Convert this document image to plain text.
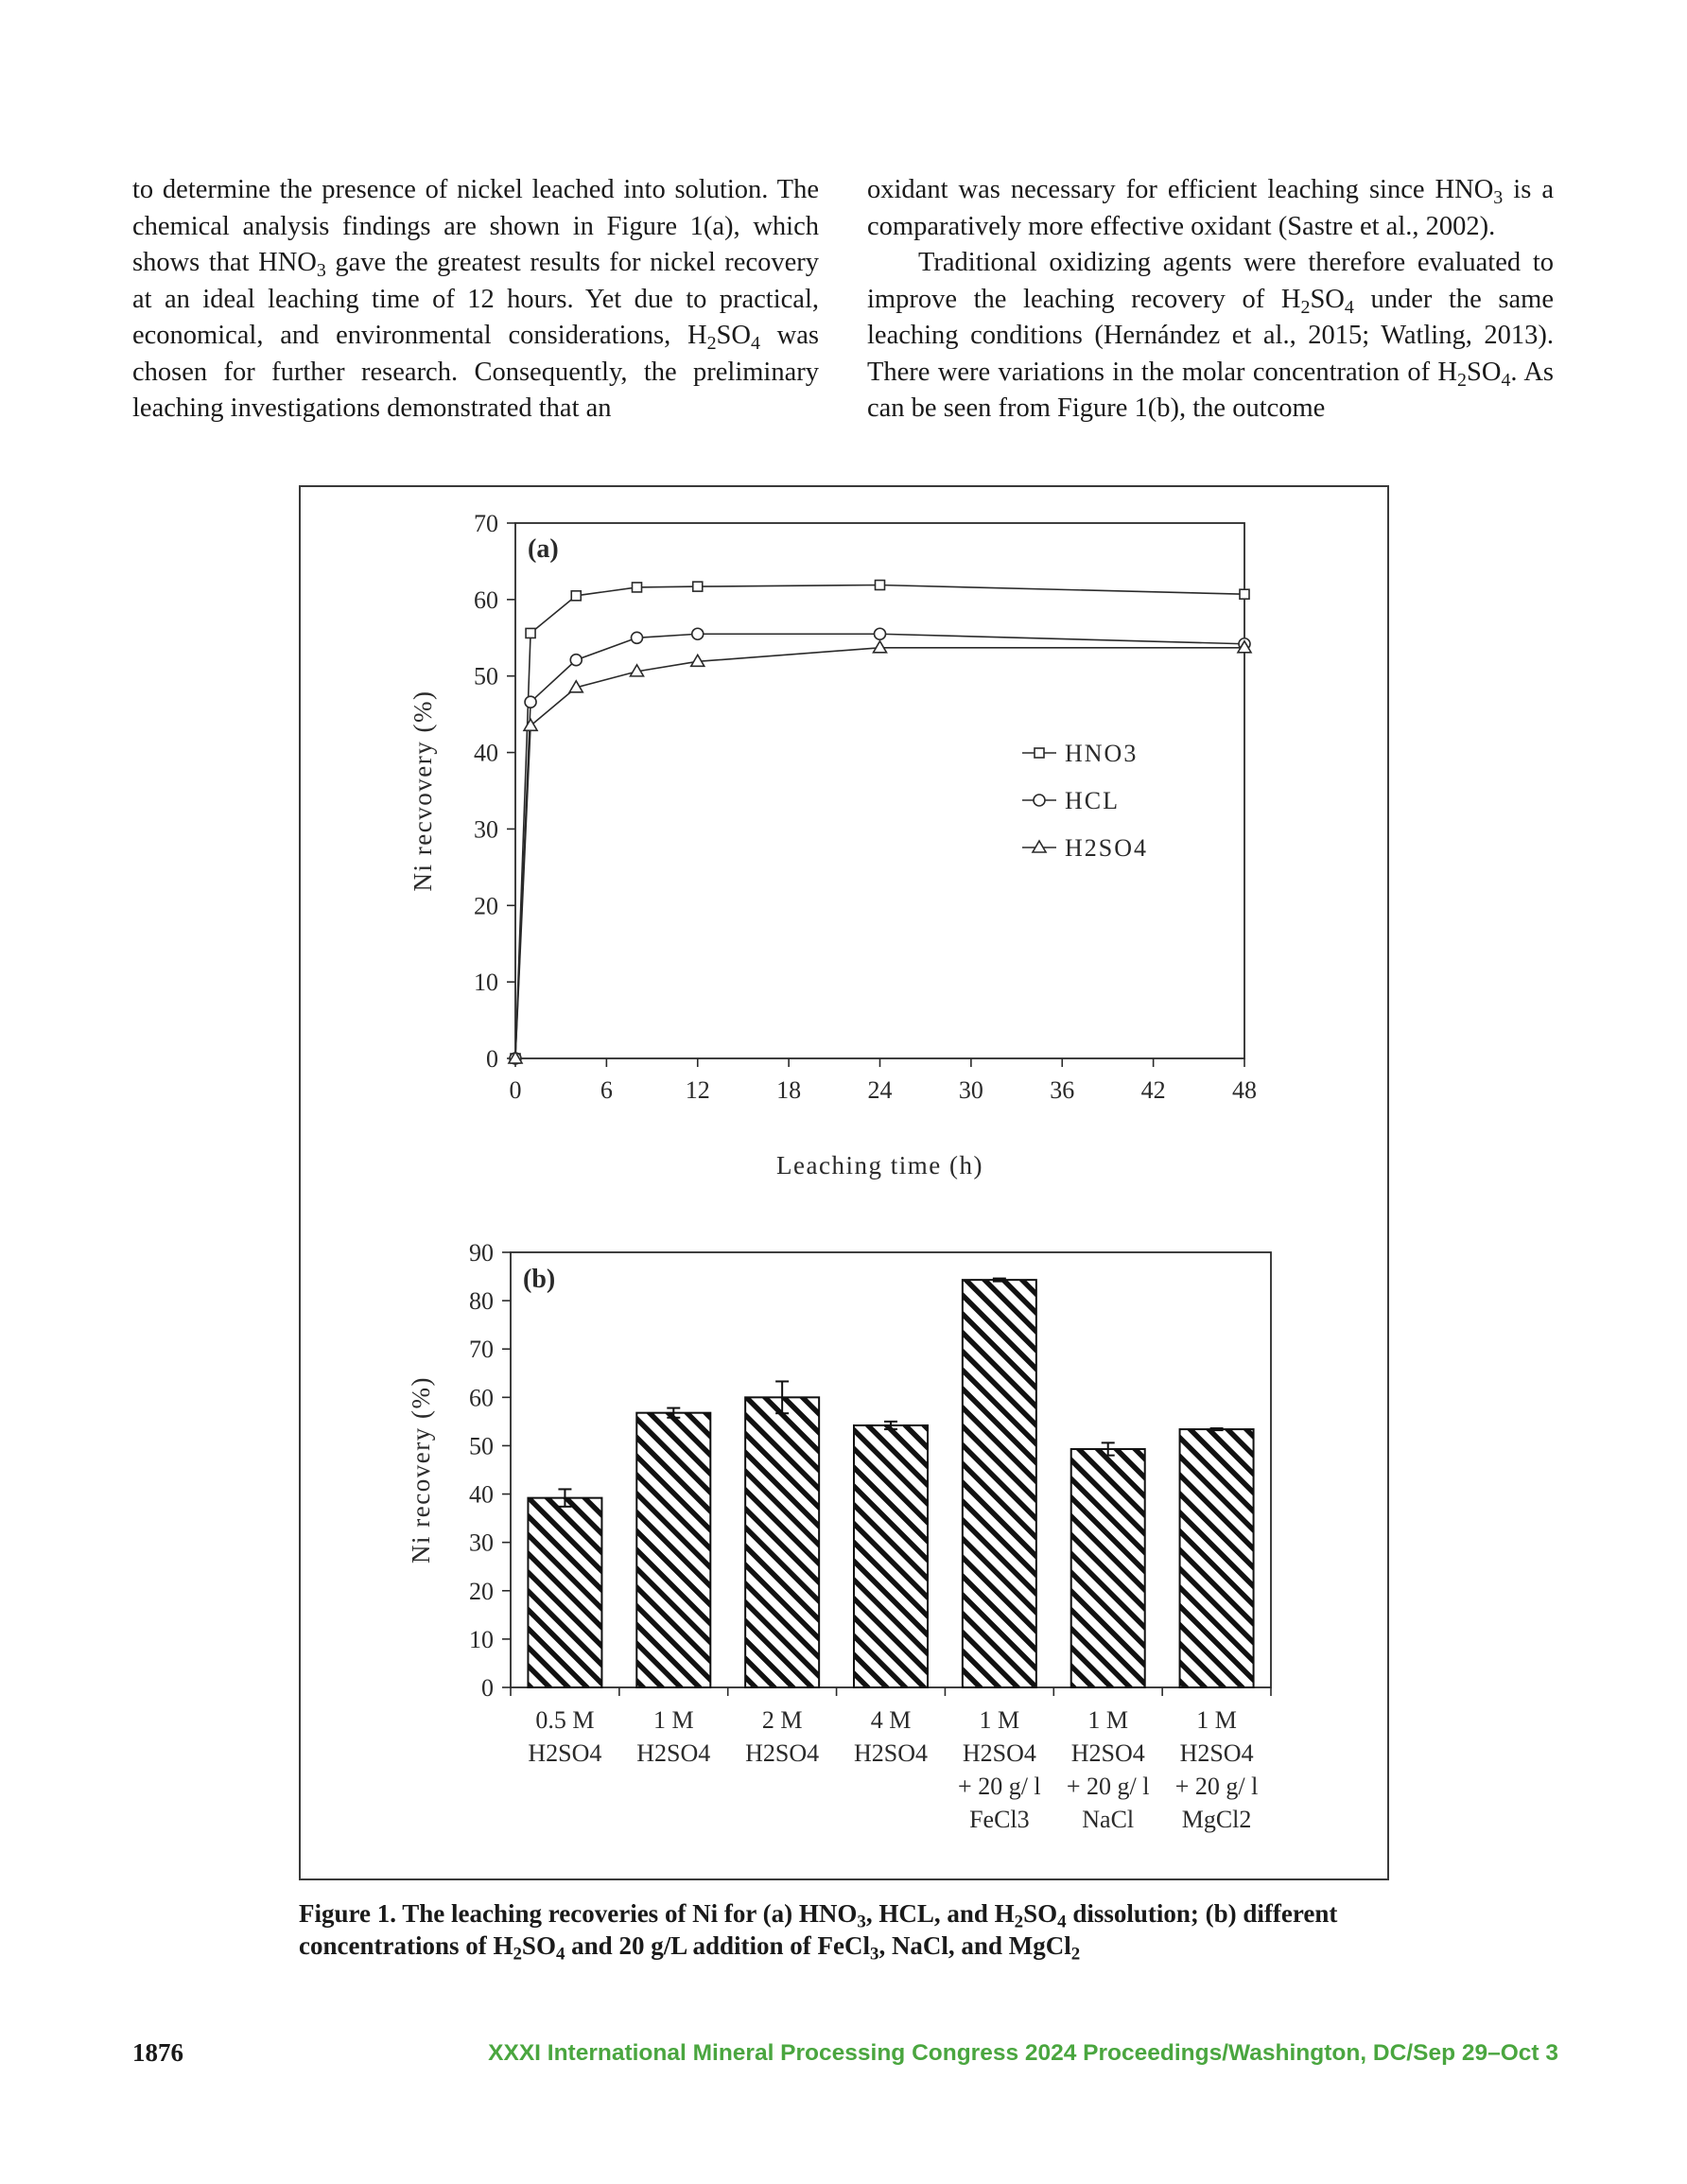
to determine the presence of nickel leached into solution. The chemical analysis findings are shown in Figure 1(a), which shows that $HNO_3$ gave the greatest results for nickel recovery at an ideal leaching time of 12 hours. Yet due to practical, economical, and environmental considerations, $H_2SO_4$ was chosen for further research. Consequently, the preliminary leaching investigations demonstrated that an

oxidant was necessary for efficient leaching since $HNO_3$ is a comparatively more effective oxidant (Sastre et al., 2002).

Traditional oxidizing agents were therefore evaluated to improve the leaching recovery of $H_2SO_4$ under the same leaching conditions (Hernández et al., 2015; Watling, 2013). There were variations in the molar concentration of $H_2SO_4$. As can be seen from Figure 1(b), the outcome

0
10
20
30
40
50
60
70
0	6	12	18	24	30	36	42	48
Leaching time (h)
Ni recvovery (%)
(a)
HNO3
HCL
H2SO4
0
10
20
30
40
50
60
70
80
90
Ni recovery (%)
(b)
0.5 M
H2SO4
1 M
H2SO4
2 M
H2SO4
4 M
H2SO4
1 M
H2SO4
+ 20 g/ l
FeCl3
1 M
H2SO4
+ 20 g/ l
NaCl
1 M
H2SO4
+ 20 g/ l
MgCl2
Figure 1. The leaching recoveries of Ni for (a) $HNO_3$, HCL, and $H_2SO_4$ dissolution; (b) different concentrations of $H_2SO_4$ and 20 g/L addition of FeCl$_3$, NaCl, and MgCl$_2$
1876	XXXI International Mineral Processing Congress 2024 Proceedings/Washington, DC/Sep 29–Oct 3
